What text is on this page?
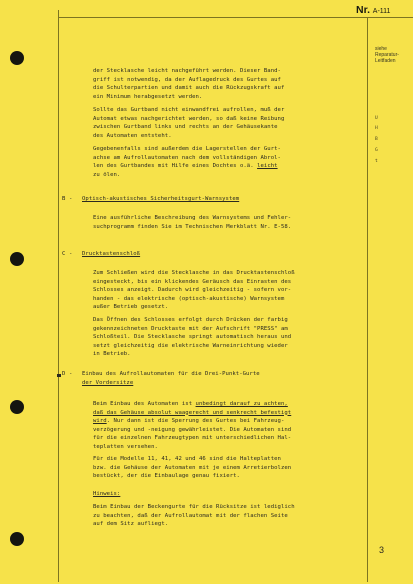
Nr. A-111
siehe
Reparatur-
Leitfaden
U
H
B
G
t
der Stecklasche leicht nachgeführt werden. Dieser Band-
griff ist notwendig, da der Auflagedruck des Gurtes auf
die Schulterpartien und damit auch die Rückzugskraft auf
ein Minimum herabgesetzt werden.
Sollte das Gurtband nicht einwandfrei aufrollen, muß der
Automat etwas nachgerichtet werden, so daß keine Reibung
zwischen Gurtband links und rechts an der Gehäusekante
des Automaten entsteht.
Gegebenenfalls sind außerdem die Lagerstellen der Gurt-
achse am Aufrollautomaten nach dem vollständigen Abrol-
len des Gurtbandes mit Hilfe eines Dochtes o.ä. leicht
zu ölen.
B - Optisch-akustisches Sicherheitsgurt-Warnsystem
Eine ausführliche Beschreibung des Warnsystems und Fehler-
suchprogramm finden Sie im Technischen Merkblatt Nr. E-58.
C - Drucktastenschloß
Zum Schließen wird die Stecklasche in das Drucktastenschloß
eingesteckt, bis ein klickendes Geräusch das Einrasten des
Schlosses anzeigt. Dadurch wird gleichzeitig - sofern vor-
handen - das elektrische (optisch-akustische) Warnsystem
außer Betrieb gesetzt.
Das Öffnen des Schlosses erfolgt durch Drücken der farbig
gekennzeichneten Drucktaste mit der Aufschrift "PRESS" am
Schloßteil. Die Stecklasche springt automatisch heraus und
setzt gleichzeitig die elektrische Warneinrichtung wieder
in Betrieb.
D - Einbau des Aufrollautomaten für die Drei-Punkt-Gurte
der Vordersitze
Beim Einbau des Automaten ist unbedingt darauf zu achten,
daß das Gehäuse absolut waagerecht und senkrecht befestigt
wird. Nur dann ist die Sperrung des Gurtes bei Fahrzeug-
verzögerung und -neigung gewährleistet. Die Automaten sind
für die einzelnen Fahrzeugtypen mit unterschiedlichen Hal-
teplatten versehen.
Für die Modelle 11, 41, 42 und 46 sind die Halteplatten
bzw. die Gehäuse der Automaten mit je einem Arretierbolzen
bestückt, der die Einbaulage genau fixiert.
Hinweis:
Beim Einbau der Beckengurte für die Rücksitze ist lediglich
zu beachten, daß der Aufrollautomat mit der flachen Seite
auf dem Sitz aufliegt.
3
